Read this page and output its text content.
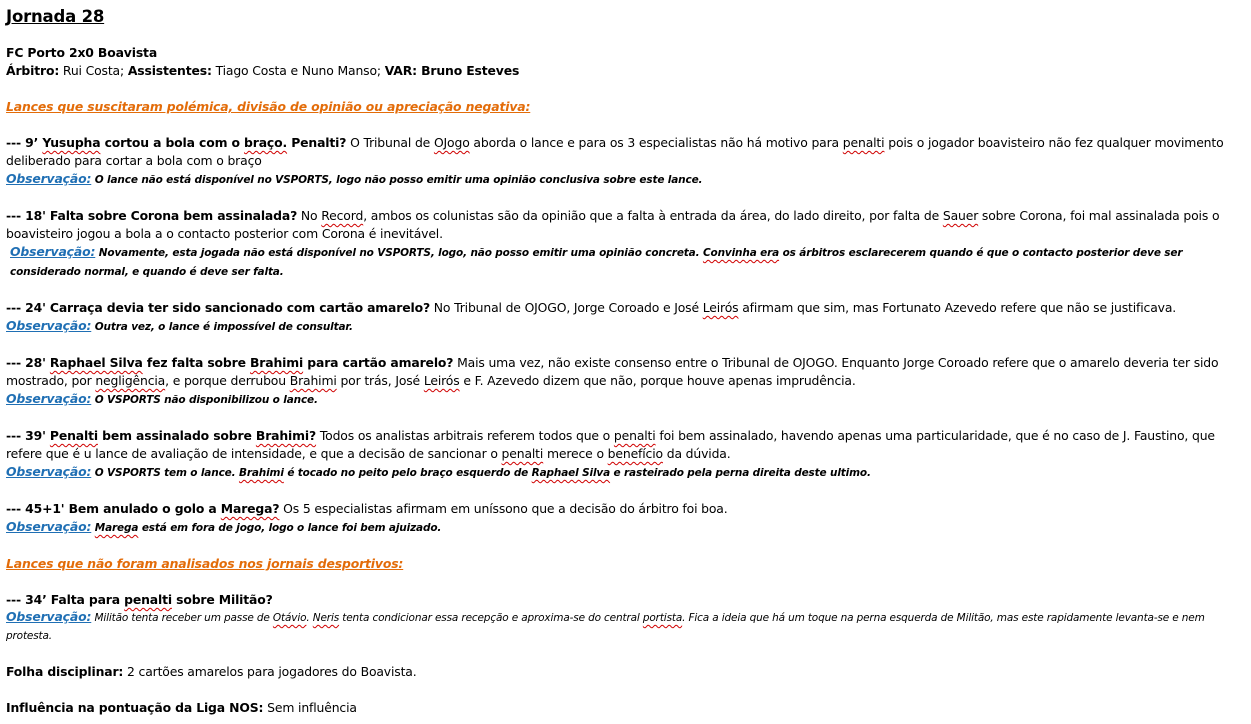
Jornada 28

FC Porto 2x0 Boavista

Árbitro: Rui Costa; Assistentes: Tiago Costa e Nuno Manso; VAR: Bruno Esteves

Lances que suscitaram polémica, divisão de opinião ou apreciação negativa:

--- 9’ Yusupha cortou a bola com o braço. Penalti? O Tribunal de OJogo aborda o lance e para os 3 especialistas não há motivo para penalti pois o jogador boavisteiro não fez qualquer movimento deliberado para cortar a bola com o braço

Observação: O lance não está disponível no VSPORTS, logo não posso emitir uma opinião conclusiva sobre este lance.

--- 18' Falta sobre Corona bem assinalada? No Record, ambos os colunistas são da opinião que a falta à entrada da área, do lado direito, por falta de Sauer sobre Corona, foi mal assinalada pois o boavisteiro jogou a bola a o contacto posterior com Corona é inevitável.

Observação: Novamente, esta jogada não está disponível no VSPORTS, logo, não posso emitir uma opinião concreta. Convinha era os árbitros esclarecerem quando é que o contacto posterior deve ser considerado normal, e quando é deve ser falta.

--- 24' Carraça devia ter sido sancionado com cartão amarelo? No Tribunal de OJOGO, Jorge Coroado e José Leirós afirmam que sim, mas Fortunato Azevedo refere que não se justificava.

Observação: Outra vez, o lance é impossível de consultar.

--- 28' Raphael Silva fez falta sobre Brahimi para cartão amarelo? Mais uma vez, não existe consenso entre o Tribunal de OJOGO. Enquanto Jorge Coroado refere que o amarelo deveria ter sido mostrado, por negligência, e porque derrubou Brahimi por trás, José Leirós e F. Azevedo dizem que não, porque houve apenas imprudência.

Observação: O VSPORTS não disponibilizou o lance.

--- 39' Penalti bem assinalado sobre Brahimi? Todos os analistas arbitrais referem todos que o penalti foi bem assinalado, havendo apenas uma particularidade, que é no caso de J. Faustino, que refere que é u lance de avaliação de intensidade, e que a decisão de sancionar o penalti merece o benefício da dúvida.

Observação: O VSPORTS tem o lance. Brahimi é tocado no peito pelo braço esquerdo de Raphael Silva e rasteirado pela perna direita deste ultimo.

--- 45+1' Bem anulado o golo a Marega? Os 5 especialistas afirmam em uníssono que a decisão do árbitro foi boa.

Observação: Marega está em fora de jogo, logo o lance foi bem ajuizado.

Lances que não foram analisados nos jornais desportivos:

--- 34’ Falta para penalti sobre Militão?

Observação: Militão tenta receber um passe de Otávio. Neris tenta condicionar essa recepção e aproxima-se do central portista. Fica a ideia que há um toque na perna esquerda de Militão, mas este rapidamente levanta-se e nem protesta.

Folha disciplinar: 2 cartões amarelos para jogadores do Boavista.

Influência na pontuação da Liga NOS: Sem influência
